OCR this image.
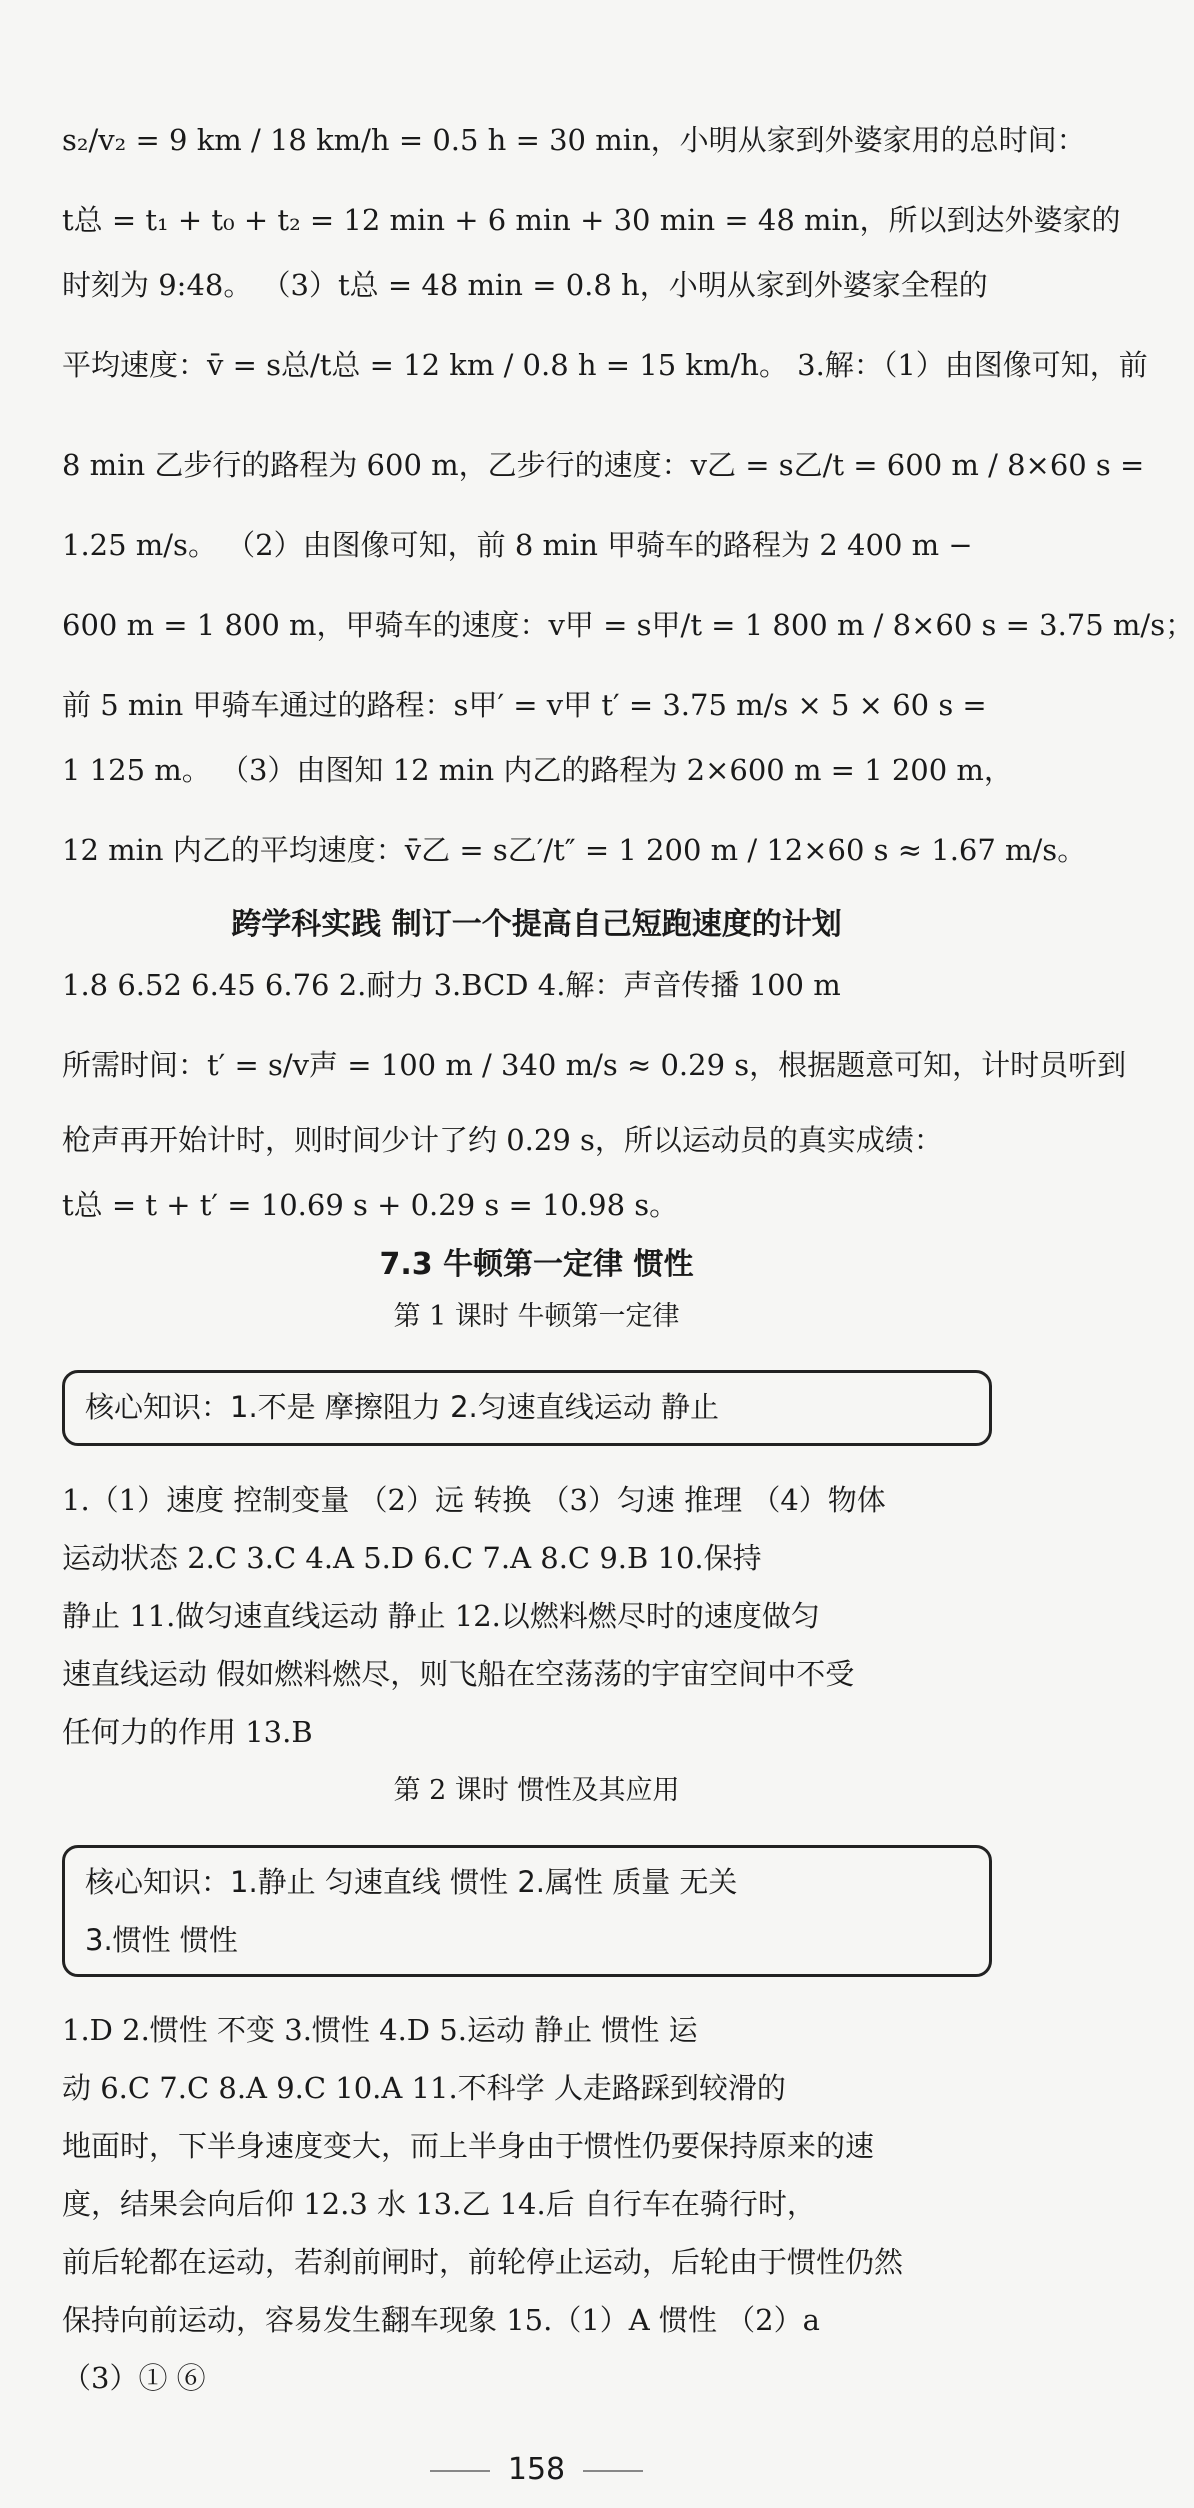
s₂/v₂ = 9 km / 18 km/h = 0.5 h = 30 min，小明从家到外婆家用的总时间：
t总 = t₁ + t₀ + t₂ = 12 min + 6 min + 30 min = 48 min，所以到达外婆家的
时刻为 9:48。 （3）t总 = 48 min = 0.8 h，小明从家到外婆家全程的
平均速度：v̄ = s总/t总 = 12 km / 0.8 h = 15 km/h。 3.解：（1）由图像可知，前
8 min 乙步行的路程为 600 m，乙步行的速度：v乙 = s乙/t = 600 m / 8×60 s =
1.25 m/s。 （2）由图像可知，前 8 min 甲骑车的路程为 2 400 m −
600 m = 1 800 m，甲骑车的速度：v甲 = s甲/t = 1 800 m / 8×60 s = 3.75 m/s；
前 5 min 甲骑车通过的路程：s甲′ = v甲 t′ = 3.75 m/s × 5 × 60 s =
1 125 m。 （3）由图知 12 min 内乙的路程为 2×600 m = 1 200 m，
12 min 内乙的平均速度：v̄乙 = s乙′/t″ = 1 200 m / 12×60 s ≈ 1.67 m/s。
跨学科实践 制订一个提高自己短跑速度的计划
1.8 6.52 6.45 6.76 2.耐力 3.BCD 4.解：声音传播 100 m
所需时间：t′ = s/v声 = 100 m / 340 m/s ≈ 0.29 s，根据题意可知，计时员听到
枪声再开始计时，则时间少计了约 0.29 s，所以运动员的真实成绩：
t总 = t + t′ = 10.69 s + 0.29 s = 10.98 s。
7.3 牛顿第一定律 惯性
第 1 课时 牛顿第一定律
核心知识：1.不是 摩擦阻力 2.匀速直线运动 静止
1.（1）速度 控制变量 （2）远 转换 （3）匀速 推理 （4）物体
运动状态 2.C 3.C 4.A 5.D 6.C 7.A 8.C 9.B 10.保持
静止 11.做匀速直线运动 静止 12.以燃料燃尽时的速度做匀
速直线运动 假如燃料燃尽，则飞船在空荡荡的宇宙空间中不受
任何力的作用 13.B
第 2 课时 惯性及其应用
核心知识：1.静止 匀速直线 惯性 2.属性 质量 无关
3.惯性 惯性
1.D 2.惯性 不变 3.惯性 4.D 5.运动 静止 惯性 运
动 6.C 7.C 8.A 9.C 10.A 11.不科学 人走路踩到较滑的
地面时，下半身速度变大，而上半身由于惯性仍要保持原来的速
度，结果会向后仰 12.3 水 13.乙 14.后 自行车在骑行时，
前后轮都在运动，若刹前闸时，前轮停止运动，后轮由于惯性仍然
保持向前运动，容易发生翻车现象 15.（1）A 惯性 （2）a
（3）① ⑥
158
